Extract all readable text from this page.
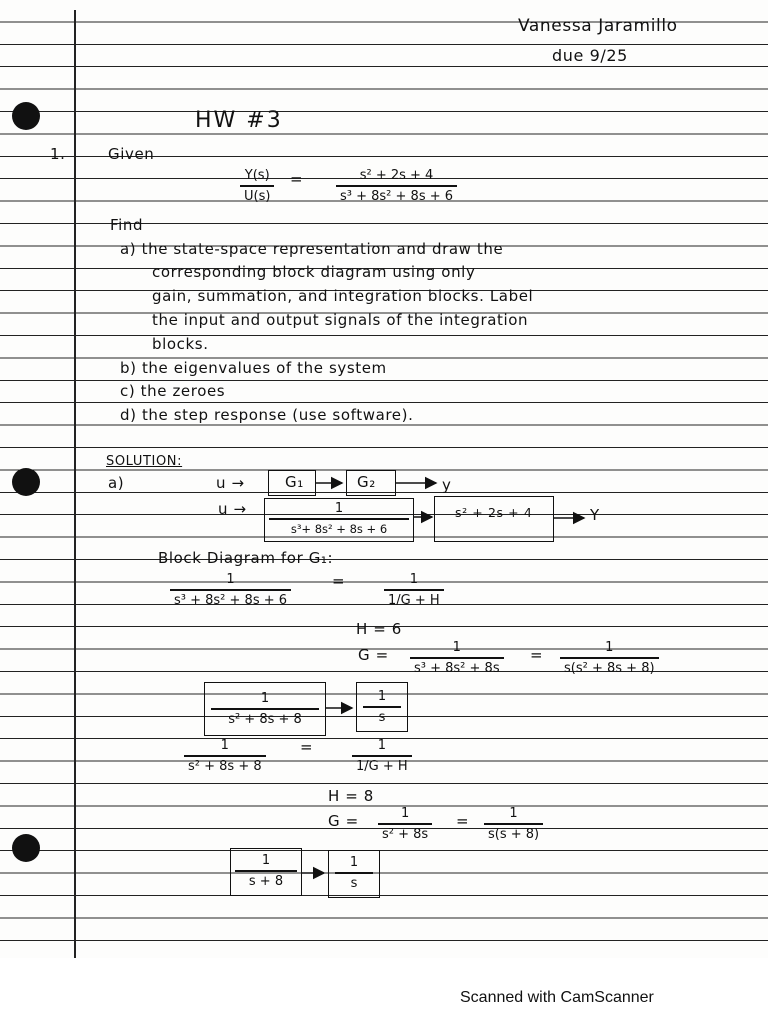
Vanessa Jaramillo
due 9/25
HW #3
1.	Given
Y(s)
U(s)
=	s² + 2s + 4
s³ + 8s² + 8s + 6
Find
a) the state-space representation and draw the
corresponding block diagram using only
gain, summation, and integration blocks. Label
the input and output signals of the integration
blocks.
b) the eigenvalues of the system
c) the zeroes
d) the step response (use software).
SOLUTION:
a)	u →	G₁	G₂	y
u →	1
s³+ 8s² + 8s + 6
s² + 2s + 4	Y
Block Diagram for G₁:
1
s³ + 8s² + 8s + 6
=	1
1/G + H
H = 6
G =	1
s³ + 8s² + 8s
=	1
s(s² + 8s + 8)
1
s² + 8s + 8
1
s
1
s² + 8s + 8
=	1
1/G + H
H = 8
G =	1
s² + 8s
=	1
s(s + 8)
1
s + 8
1
s
Scanned with CamScanner
